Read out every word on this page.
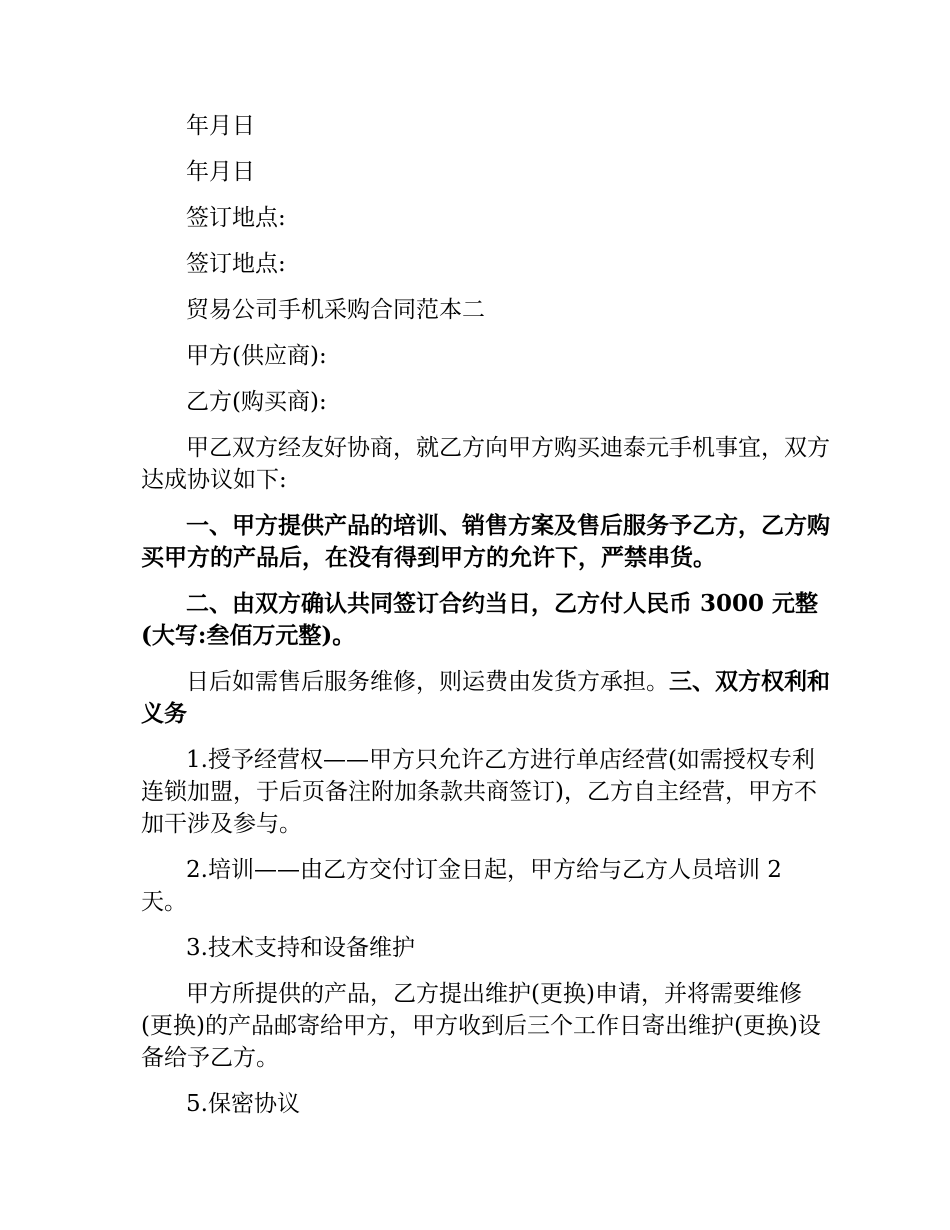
年月日

年月日

签订地点:

签订地点:

贸易公司手机采购合同范本二

甲方(供应商):

乙方(购买商):

甲乙双方经友好协商，就乙方向甲方购买迪泰元手机事宜，双方达成协议如下:

一、甲方提供产品的培训、销售方案及售后服务予乙方，乙方购买甲方的产品后，在没有得到甲方的允许下，严禁串货。

二、由双方确认共同签订合约当日，乙方付人民币 3000 元整(大写:叁佰万元整)。

日后如需售后服务维修，则运费由发货方承担。三、双方权利和义务

1.授予经营权——甲方只允许乙方进行单店经营(如需授权专利连锁加盟，于后页备注附加条款共商签订)，乙方自主经营，甲方不加干涉及参与。

2.培训——由乙方交付订金日起，甲方给与乙方人员培训 2 天。

3.技术支持和设备维护

甲方所提供的产品，乙方提出维护(更换)申请，并将需要维修(更换)的产品邮寄给甲方，甲方收到后三个工作日寄出维护(更换)设备给予乙方。

5.保密协议
